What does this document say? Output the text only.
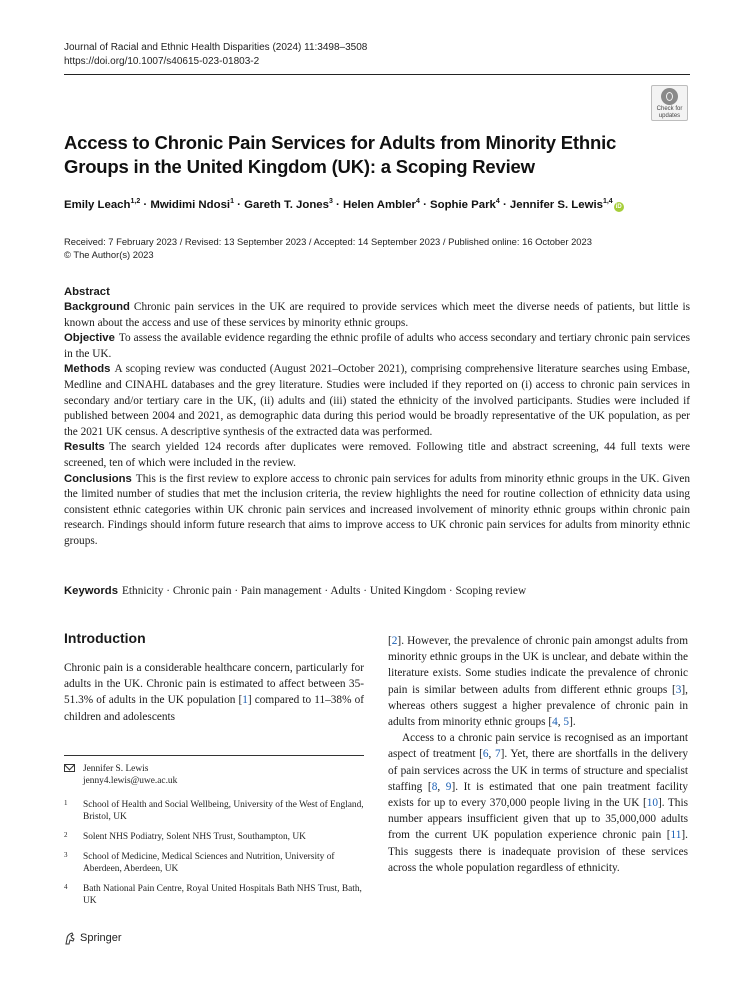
Journal of Racial and Ethnic Health Disparities (2024) 11:3498–3508
https://doi.org/10.1007/s40615-023-01803-2
Check for
updates
Access to Chronic Pain Services for Adults from Minority Ethnic Groups in the United Kingdom (UK): a Scoping Review
Emily Leach$^{1,2}$ · Mwidimi Ndosi$^1$ · Gareth T. Jones$^3$ · Helen Ambler$^4$ · Sophie Park$^4$ · Jennifer S. Lewis$^{1,4}$iD
Received: 7 February 2023 / Revised: 13 September 2023 / Accepted: 14 September 2023 / Published online: 16 October 2023
© The Author(s) 2023
Abstract

Background Chronic pain services in the UK are required to provide services which meet the diverse needs of patients, but little is known about the access and use of these services by minority ethnic groups.

Objective To assess the available evidence regarding the ethnic profile of adults who access secondary and tertiary chronic pain services in the UK.

Methods A scoping review was conducted (August 2021–October 2021), comprising comprehensive literature searches using Embase, Medline and CINAHL databases and the grey literature. Studies were included if they reported on (i) access to chronic pain services in secondary and/or tertiary care in the UK, (ii) adults and (iii) stated the ethnicity of the involved participants. Studies were included if published between 2004 and 2021, as demographic data during this period would be broadly representative of the UK population, as per the 2021 UK census. A descriptive synthesis of the extracted data was performed.

Results The search yielded 124 records after duplicates were removed. Following title and abstract screening, 44 full texts were screened, ten of which were included in the review.

Conclusions This is the first review to explore access to chronic pain services for adults from minority ethnic groups in the UK. Given the limited number of studies that met the inclusion criteria, the review highlights the need for routine collection of ethnicity data using consistent ethnic categories within UK chronic pain services and increased involvement of minority ethnic groups within chronic pain research. Findings should inform future research that aims to improve access to UK chronic pain services for adults from minority ethnic groups.

Keywords Ethnicity · Chronic pain · Pain management · Adults · United Kingdom · Scoping review
Introduction

Chronic pain is a considerable healthcare concern, particularly for adults in the UK. Chronic pain is estimated to affect between 35-51.3% of adults in the UK population [1] compared to 11–38% of children and adolescents

[2]. However, the prevalence of chronic pain amongst adults from minority ethnic groups in the UK is unclear, and debate within the literature exists. Some studies indicate the prevalence of chronic pain is similar between adults from different ethnic groups [3], whereas others suggest a higher prevalence of chronic pain in adults from minority ethnic groups [4, 5].

Access to a chronic pain service is recognised as an important aspect of treatment [6, 7]. Yet, there are shortfalls in the delivery of pain services across the UK in terms of structure and specialist staffing [8, 9]. It is estimated that one pain treatment facility exists for up to every 370,000 people living in the UK [10]. This number appears insufficient given that up to 35,000,000 adults from the current UK population experience chronic pain [11]. This suggests there is inadequate provision of these services across the whole population regardless of ethnicity.

Jennifer S. Lewis
jenny4.lewis@uwe.ac.uk
1 School of Health and Social Wellbeing, University of the West of England, Bristol, UK
2 Solent NHS Podiatry, Solent NHS Trust, Southampton, UK
3 School of Medicine, Medical Sciences and Nutrition, University of Aberdeen, Aberdeen, UK
4 Bath National Pain Centre, Royal United Hospitals Bath NHS Trust, Bath, UK
Springer
